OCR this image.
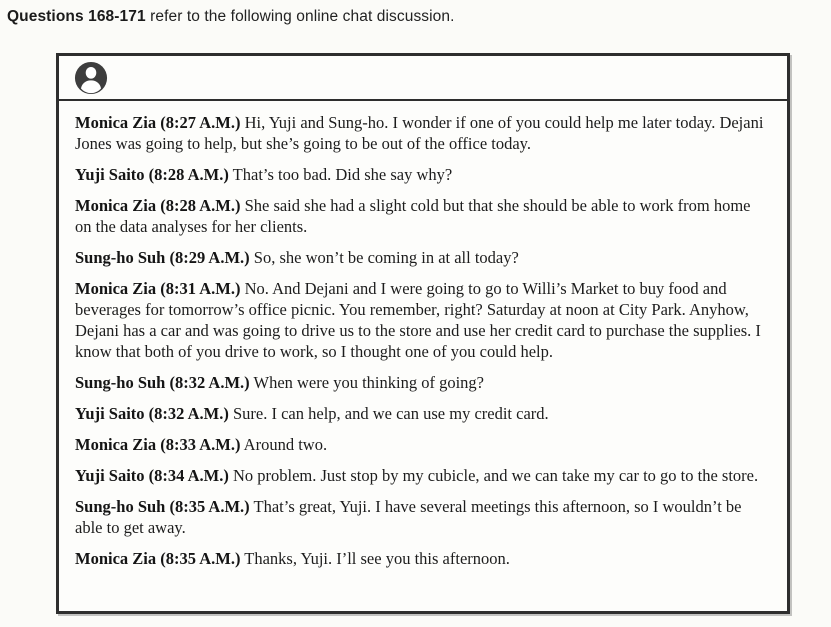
Questions 168-171 refer to the following online chat discussion.

Monica Zia (8:27 A.M.) Hi, Yuji and Sung-ho. I wonder if one of you could help me later today. Dejani Jones was going to help, but she’s going to be out of the office today.

Yuji Saito (8:28 A.M.) That’s too bad. Did she say why?

Monica Zia (8:28 A.M.) She said she had a slight cold but that she should be able to work from home on the data analyses for her clients.

Sung-ho Suh (8:29 A.M.) So, she won’t be coming in at all today?

Monica Zia (8:31 A.M.) No. And Dejani and I were going to go to Willi’s Market to buy food and beverages for tomorrow’s office picnic. You remember, right? Saturday at noon at City Park. Anyhow, Dejani has a car and was going to drive us to the store and use her credit card to purchase the supplies. I know that both of you drive to work, so I thought one of you could help.

Sung-ho Suh (8:32 A.M.) When were you thinking of going?

Yuji Saito (8:32 A.M.) Sure. I can help, and we can use my credit card.

Monica Zia (8:33 A.M.) Around two.

Yuji Saito (8:34 A.M.) No problem. Just stop by my cubicle, and we can take my car to go to the store.

Sung-ho Suh (8:35 A.M.) That’s great, Yuji. I have several meetings this afternoon, so I wouldn’t be able to get away.

Monica Zia (8:35 A.M.) Thanks, Yuji. I’ll see you this afternoon.
